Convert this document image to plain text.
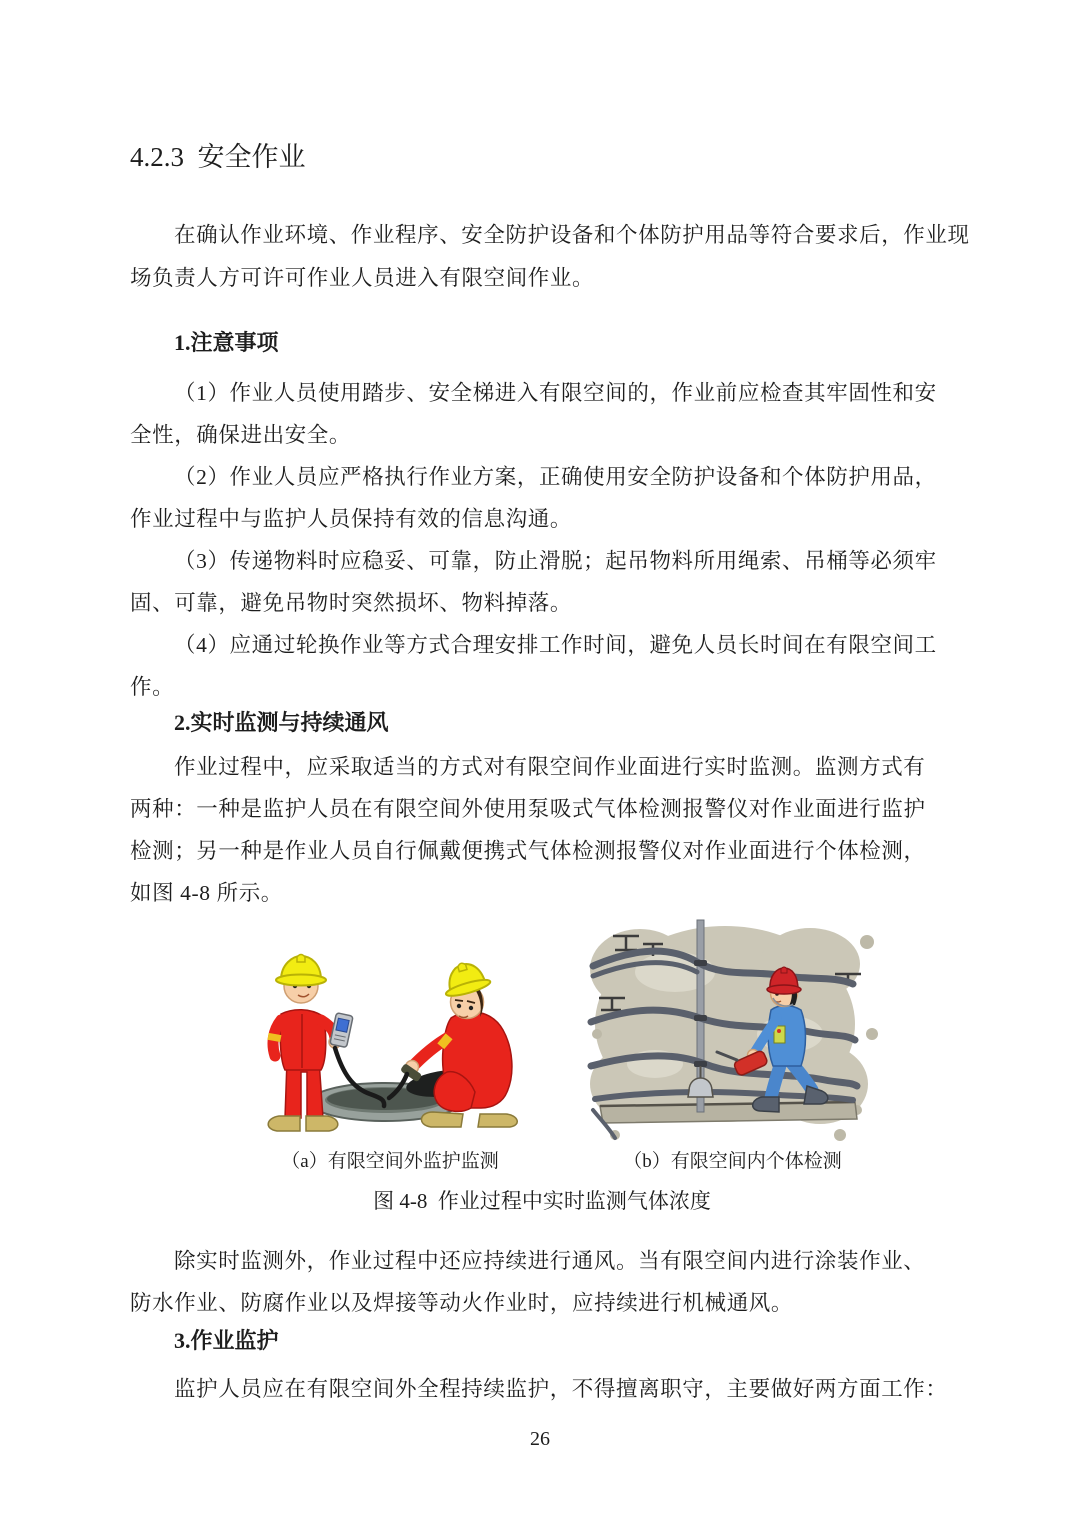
4.2.3  安全作业
在确认作业环境、作业程序、安全防护设备和个体防护用品等符合要求后，作业现
场负责人方可许可作业人员进入有限空间作业。
1.注意事项
（1）作业人员使用踏步、安全梯进入有限空间的，作业前应检查其牢固性和安
全性，确保进出安全。
（2）作业人员应严格执行作业方案，正确使用安全防护设备和个体防护用品，
作业过程中与监护人员保持有效的信息沟通。
（3）传递物料时应稳妥、可靠，防止滑脱；起吊物料所用绳索、吊桶等必须牢
固、可靠，避免吊物时突然损坏、物料掉落。
（4）应通过轮换作业等方式合理安排工作时间，避免人员长时间在有限空间工
作。
2.实时监测与持续通风
作业过程中，应采取适当的方式对有限空间作业面进行实时监测。监测方式有
两种：一种是监护人员在有限空间外使用泵吸式气体检测报警仪对作业面进行监护
检测；另一种是作业人员自行佩戴便携式气体检测报警仪对作业面进行个体检测，
如图 4-8 所示。
（a）有限空间外监护监测	（b）有限空间内个体检测
图 4-8  作业过程中实时监测气体浓度
除实时监测外，作业过程中还应持续进行通风。当有限空间内进行涂装作业、
防水作业、防腐作业以及焊接等动火作业时，应持续进行机械通风。
3.作业监护
监护人员应在有限空间外全程持续监护，不得擅离职守，主要做好两方面工作：
26
